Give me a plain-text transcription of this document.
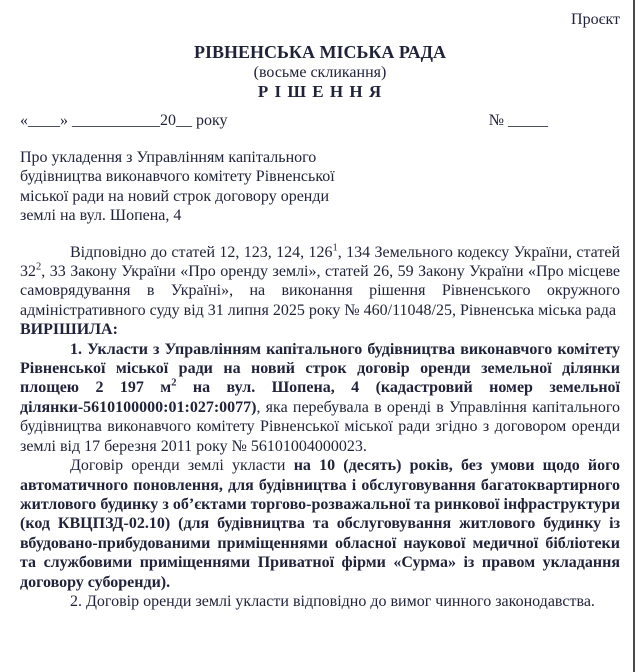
Проєкт
РІВНЕНСЬКА МІСЬКА РАДА
(восьме скликання)
Р І Ш Е Н Н Я
«____» ___________20__ року	№ _____
Про укладення з Управлінням капітального
будівництва виконавчого комітету Рівненської
міської ради на новий строк договору оренди
землі на вул. Шопена, 4

Відповідно до статей 12, 123, 124, $126^1$, 134 Земельного кодексу України, статей $32^2$, 33 Закону України «Про оренду землі», статей 26, 59 Закону України «Про місцеве самоврядування в Україні», на виконання рішення Рівненського окружного адміністративного суду від 31 липня 2025 року № 460/11048/25, Рівненська міська рада

ВИРІШИЛА:

1. Укласти з Управлінням капітального будівництва виконавчого комітету Рівненської міської ради на новий строк договір оренди земельної ділянки площею 2 197 $м^2$ на вул. Шопена, 4 (кадастровий номер земельної ділянки-5610100000:01:027:0077), яка перебувала в оренді в Управління капітального будівництва виконавчого комітету Рівненської міської ради згідно з договором оренди землі від 17 березня 2011 року № 56101004000023.

Договір оренди землі укласти на 10 (десять) років, без умови щодо його автоматичного поновлення, для будівництва і обслуговування багатоквартирного житлового будинку з об’єктами торгово-розважальної та ринкової інфраструктури (код КВЦПЗД-02.10) (для будівництва та обслуговування житлового будинку із вбудовано-прибудованими приміщеннями обласної наукової медичної бібліотеки та службовими приміщеннями Приватної фірми «Сурма» із правом укладання договору суборенди).

2. Договір оренди землі укласти відповідно до вимог чинного законодавства.
